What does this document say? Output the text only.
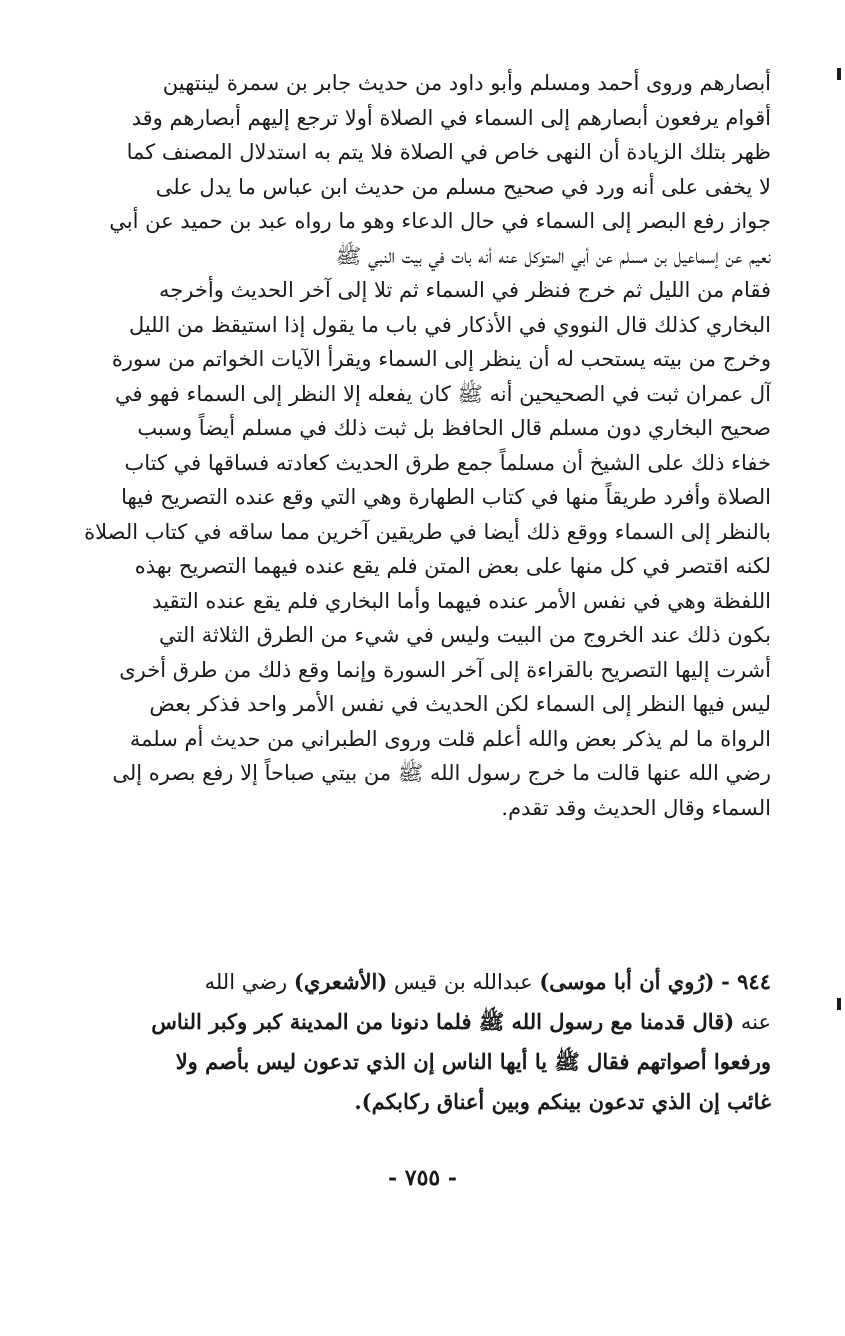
أبصارهم وروى أحمد ومسلم وأبو داود من حديث جابر بن سمرة لينتهين
أقوام يرفعون أبصارهم إلى السماء في الصلاة أولا ترجع إليهم أبصارهم وقد
ظهر بتلك الزيادة أن النهى خاص في الصلاة فلا يتم به استدلال المصنف كما
لا يخفى على أنه ورد في صحيح مسلم من حديث ابن عباس ما يدل على
جواز رفع البصر إلى السماء في حال الدعاء وهو ما رواه عبد بن حميد عن أبي
نعيم عن إسماعيل بن مسلم عن أبي المتوكل عنه أنه بات في بيت النبي ﷺ
فقام من الليل ثم خرج فنظر في السماء ثم تلا إلى آخر الحديث وأخرجه
البخاري كذلك قال النووي في الأذكار في باب ما يقول إذا استيقظ من الليل
وخرج من بيته يستحب له أن ينظر إلى السماء ويقرأ الآيات الخواتم من سورة
آل عمران ثبت في الصحيحين أنه ﷺ كان يفعله إلا النظر إلى السماء فهو في
صحيح البخاري دون مسلم قال الحافظ بل ثبت ذلك في مسلم أيضاً وسبب
خفاء ذلك على الشيخ أن مسلماً جمع طرق الحديث كعادته فساقها في كتاب
الصلاة وأفرد طريقاً منها في كتاب الطهارة وهي التي وقع عنده التصريح فيها
بالنظر إلى السماء ووقع ذلك أيضا في طريقين آخرين مما ساقه في كتاب الصلاة
لكنه اقتصر في كل منها على بعض المتن فلم يقع عنده فيهما التصريح بهذه
اللفظة وهي في نفس الأمر عنده فيهما وأما البخاري فلم يقع عنده التقيد
بكون ذلك عند الخروج من البيت وليس في شيء من الطرق الثلاثة التي
أشرت إليها التصريح بالقراءة إلى آخر السورة وإنما وقع ذلك من طرق أخرى
ليس فيها النظر إلى السماء لكن الحديث في نفس الأمر واحد فذكر بعض
الرواة ما لم يذكر بعض والله أعلم قلت وروى الطبراني من حديث أم سلمة
رضي الله عنها قالت ما خرج رسول الله ﷺ من بيتي صباحاً إلا رفع بصره إلى
السماء وقال الحديث وقد تقدم.
٩٤٤ - (رُوي أن أبا موسى) عبدالله بن قيس (الأشعري) رضي الله
عنه (قال قدمنا مع رسول الله ﷺ فلما دنونا من المدينة كبر وكبر الناس
ورفعوا أصواتهم فقال ﷺ يا أيها الناس إن الذي تدعون ليس بأصم ولا
غائب إن الذي تدعون بينكم وبين أعناق ركابكم).
- ٧٥٥ -
